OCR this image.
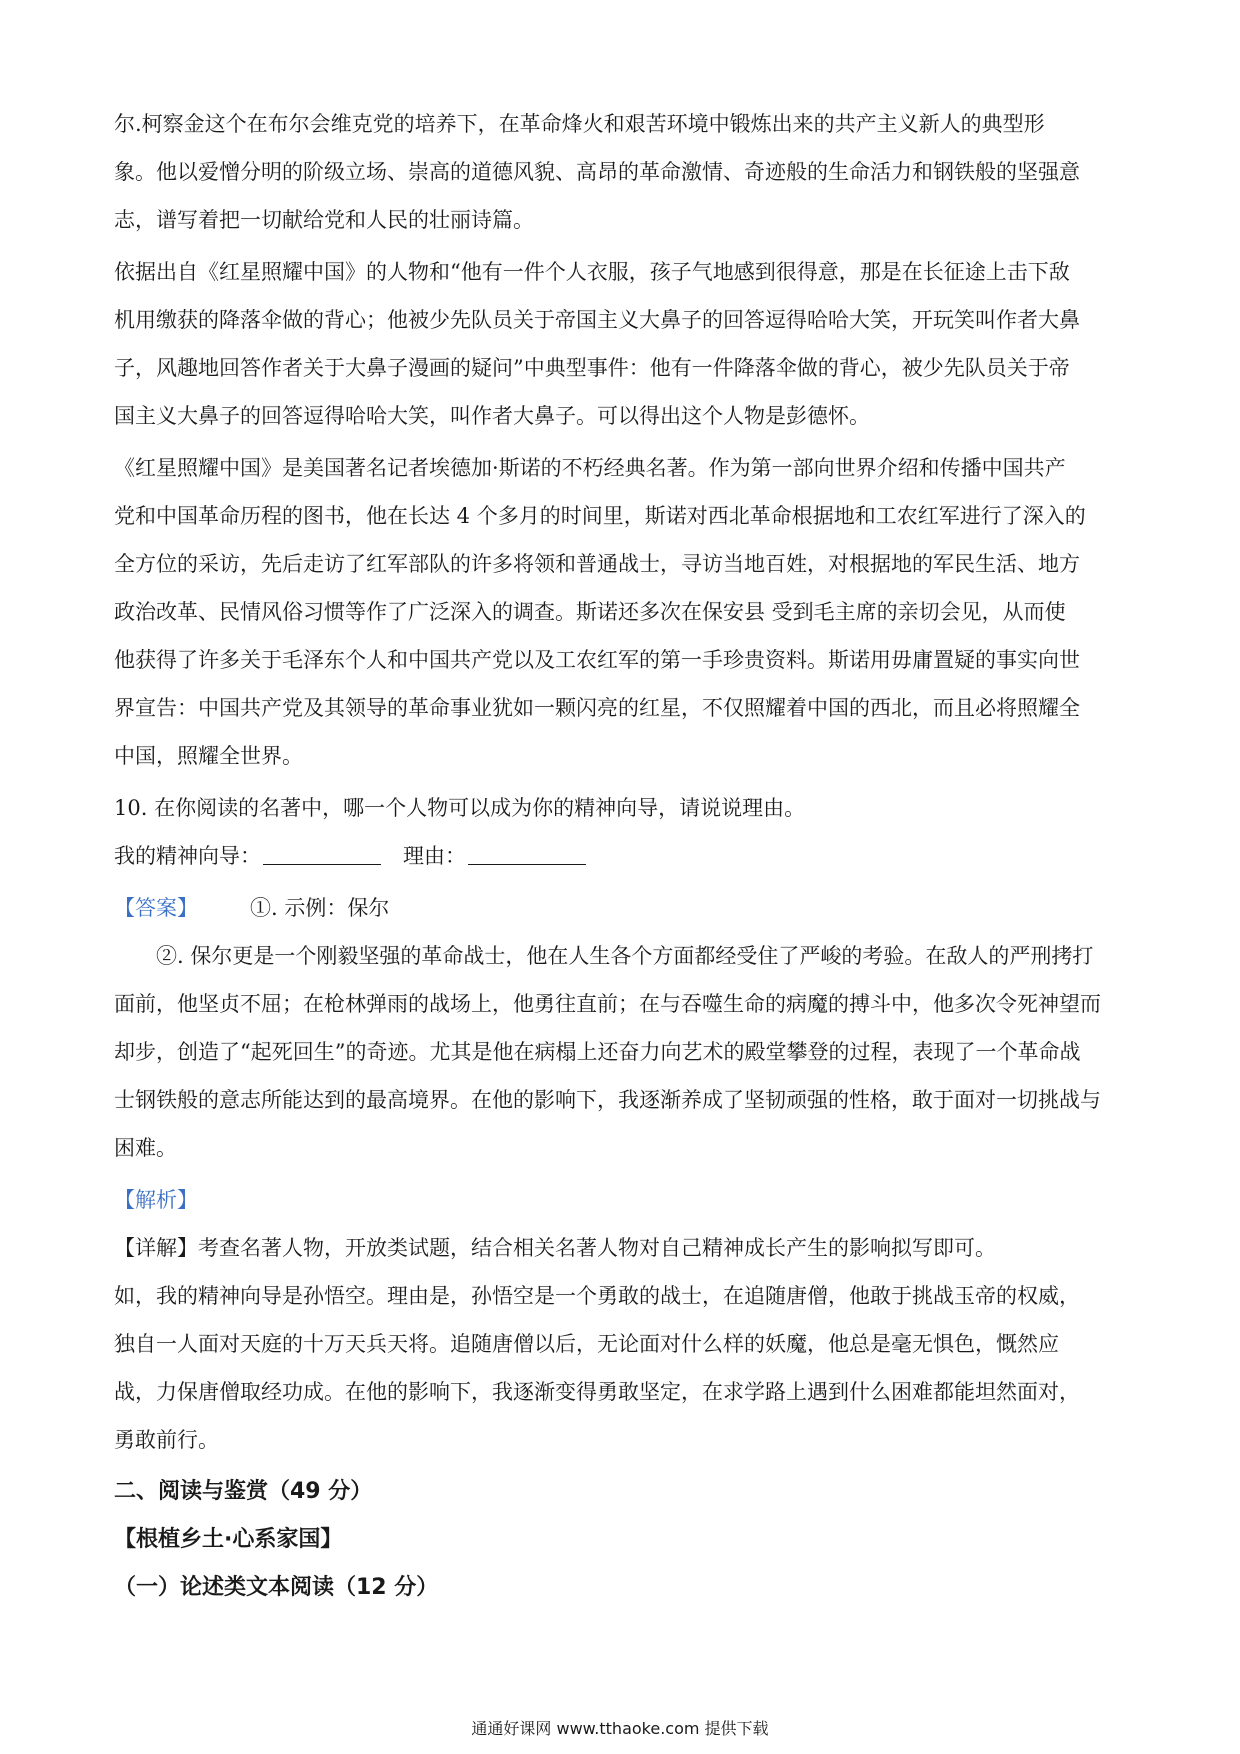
尔.柯察金这个在布尔会维克党的培养下，在革命烽火和艰苦环境中锻炼出来的共产主义新人的典型形
象。他以爱憎分明的阶级立场、崇高的道德风貌、高昂的革命激情、奇迹般的生命活力和钢铁般的坚强意
志，谱写着把一切献给党和人民的壮丽诗篇。
依据出自《红星照耀中国》的人物和“他有一件个人衣服，孩子气地感到很得意，那是在长征途上击下敌
机用缴获的降落伞做的背心；他被少先队员关于帝国主义大鼻子的回答逗得哈哈大笑，开玩笑叫作者大鼻
子，风趣地回答作者关于大鼻子漫画的疑问”中典型事件：他有一件降落伞做的背心，被少先队员关于帝
国主义大鼻子的回答逗得哈哈大笑，叫作者大鼻子。可以得出这个人物是彭德怀。
《红星照耀中国》是美国著名记者埃德加·斯诺的不朽经典名著。作为第一部向世界介绍和传播中国共产
党和中国革命历程的图书，他在长达 4 个多月的时间里，斯诺对西北革命根据地和工农红军进行了深入的
全方位的采访，先后走访了红军部队的许多将领和普通战士，寻访当地百姓，对根据地的军民生活、地方
政治改革、民情风俗习惯等作了广泛深入的调查。斯诺还多次在保安县 受到毛主席的亲切会见，从而使
他获得了许多关于毛泽东个人和中国共产党以及工农红军的第一手珍贵资料。斯诺用毋庸置疑的事实向世
界宣告：中国共产党及其领导的革命事业犹如一颗闪亮的红星，不仅照耀着中国的西北，而且必将照耀全
中国，照耀全世界。
10. 在你阅读的名著中，哪一个人物可以成为你的精神向导，请说说理由。
我的精神向导：	理由：
【答案】 ①. 示例：保尔
②. 保尔更是一个刚毅坚强的革命战士，他在人生各个方面都经受住了严峻的考验。在敌人的严刑拷打
面前，他坚贞不屈；在枪林弹雨的战场上，他勇往直前；在与吞噬生命的病魔的搏斗中，他多次令死神望而
却步，创造了“起死回生”的奇迹。尤其是他在病榻上还奋力向艺术的殿堂攀登的过程，表现了一个革命战
士钢铁般的意志所能达到的最高境界。在他的影响下，我逐渐养成了坚韧顽强的性格，敢于面对一切挑战与
困难。
【解析】
【详解】考查名著人物，开放类试题，结合相关名著人物对自己精神成长产生的影响拟写即可。
如，我的精神向导是孙悟空。理由是，孙悟空是一个勇敢的战士，在追随唐僧，他敢于挑战玉帝的权威，
独自一人面对天庭的十万天兵天将。追随唐僧以后，无论面对什么样的妖魔，他总是毫无惧色，慨然应
战，力保唐僧取经功成。在他的影响下，我逐渐变得勇敢坚定，在求学路上遇到什么困难都能坦然面对，
勇敢前行。
二、阅读与鉴赏（49 分）
【根植乡土·心系家国】
（一）论述类文本阅读（12 分）
通通好课网 www.tthaoke.com 提供下载
